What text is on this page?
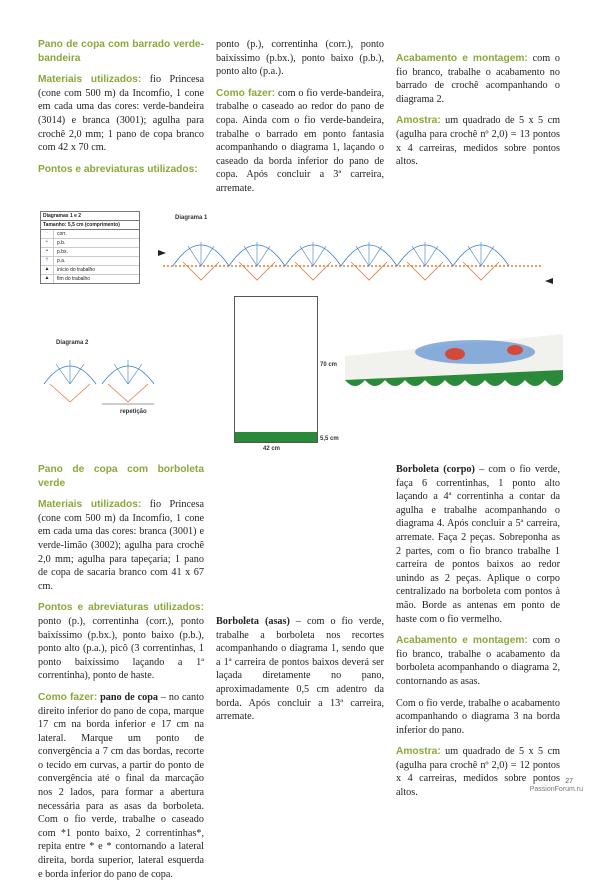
Pano de copa com barrado verde-bandeira

Materiais utilizados: fio Princesa (cone com 500 m) da Incomfio, 1 cone em cada uma das cores: verde-bandeira (3014) e branca (3001); agulha para crochê 2,0 mm; 1 pano de copa branco com 42 x 70 cm.

Pontos e abreviaturas utilizados:

ponto (p.), correntinha (corr.), ponto baixíssimo (p.bx.), ponto baixo (p.b.), ponto alto (p.a.).

Como fazer: com o fio verde-bandeira, trabalhe o caseado ao redor do pano de copa. Ainda com o fio verde-bandeira, trabalhe o barrado em ponto fantasia acompanhando o diagrama 1, laçando o caseado da borda inferior do pano de copa. Após concluir a 3ª carreira, arremate.

Acabamento e montagem: com o fio branco, trabalhe o acabamento no barrado de crochê acompanhando o diagrama 2.

Amostra: um quadrado de 5 x 5 cm (agulha para crochê nº 2,0) = 13 pontos x 4 carreiras, medidos sobre pontos altos.

Diagramas 1 e 2
Tamanho: 5,5 cm (comprimento)
◦	corr.
+	p.b.
•	p.bx.
†	p.a.
▲	início do trabalho
▲	fim do trabalho
Diagrama 1
Diagrama 2
repetição
70 cm
42 cm
5,5 cm

Pano de copa com borboleta verde

Materiais utilizados: fio Princesa (cone com 500 m) da Incomfio, 1 cone em cada uma das cores: branca (3001) e verde-limão (3002); agulha para crochê 2,0 mm; agulha para tapeçaria; 1 pano de copa de sacaria branco com 41 x 67 cm.

Pontos e abreviaturas utilizados: ponto (p.), correntinha (corr.), ponto baixíssimo (p.bx.), ponto baixo (p.b.), ponto alto (p.a.), picô (3 correntinhas, 1 ponto baixíssimo laçando a 1ª correntinha), ponto de haste.

Como fazer: pano de copa – no canto direito inferior do pano de copa, marque 17 cm na borda inferior e 17 cm na lateral. Marque um ponto de convergência a 7 cm das bordas, recorte o tecido em curvas, a partir do ponto de convergência até o final da marcação nos 2 lados, para formar a abertura necessária para as asas da borboleta. Com o fio verde, trabalhe o caseado com *1 ponto baixo, 2 correntinhas*, repita entre * e * contornando a lateral direita, borda superior, lateral esquerda e borda inferior do pano de copa.

Borboleta (asas) – com o fio verde, trabalhe a borboleta nos recortes acompanhando o diagrama 1, sendo que a 1ª carreira de pontos baixos deverá ser laçada diretamente no pano, aproximadamente 0,5 cm adentro da borda. Após concluir a 13ª carreira, arremate.

Borboleta (corpo) – com o fio verde, faça 6 correntinhas, 1 ponto alto laçando a 4ª correntinha a contar da agulha e trabalhe acompanhando o diagrama 4. Após concluir a 5ª carreira, arremate. Faça 2 peças. Sobreponha as 2 partes, com o fio branco trabalhe 1 carreira de pontos baixos ao redor unindo as 2 peças. Aplique o corpo centralizado na borboleta com pontos à mão. Borde as antenas em ponto de haste com o fio vermelho.

Acabamento e montagem: com o fio branco, trabalhe o acabamento da borboleta acompanhando o diagrama 2, contornando as asas.

Com o fio verde, trabalhe o acabamento acompanhando o diagrama 3 na borda inferior do pano.

Amostra: um quadrado de 5 x 5 cm (agulha para crochê nº 2,0) = 12 pontos x 4 carreiras, medidos sobre pontos altos.

27
PassionForum.ru
